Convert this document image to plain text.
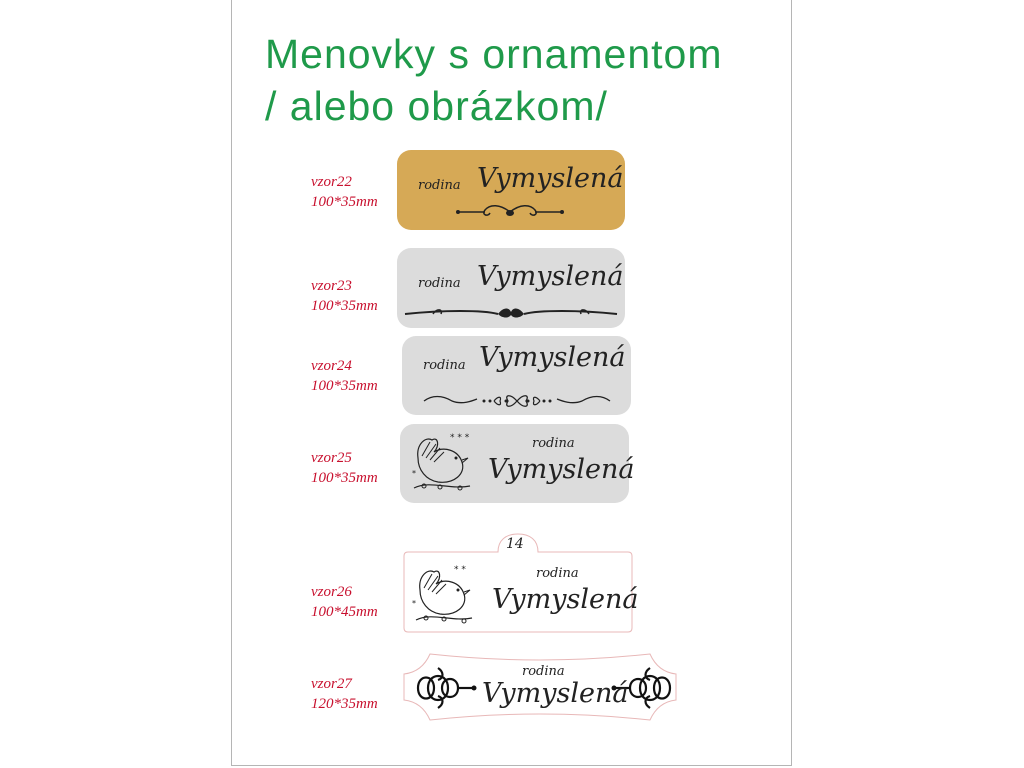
Menovky s ornamentom
/ alebo obrázkom/
vzor22
100*35mm
rodina Vymyslená
vzor23
100*35mm
rodina Vymyslená
vzor24
100*35mm
rodina Vymyslená
vzor25
100*35mm
* * *
*
rodina
Vymyslená
vzor26
100*45mm
14
* *
*
rodina
Vymyslená
vzor27
120*35mm
rodina
Vymyslená
